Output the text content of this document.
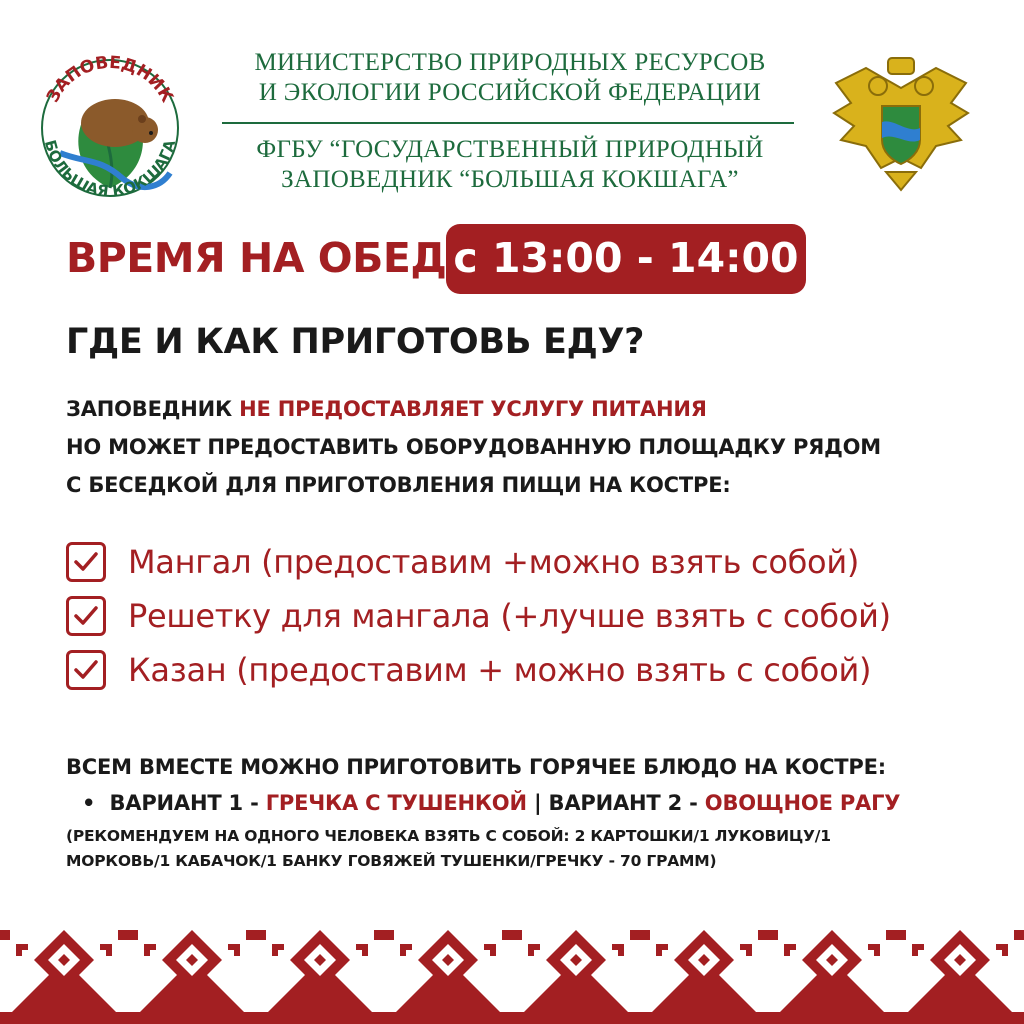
ЗАПОВЕДНИК
БОЛЬШАЯ КОКШАГА
МИНИСТЕРСТВО ПРИРОДНЫХ РЕСУРСОВ
И ЭКОЛОГИИ РОССИЙСКОЙ ФЕДЕРАЦИИ
ФГБУ “ГОСУДАРСТВЕННЫЙ ПРИРОДНЫЙ
ЗАПОВЕДНИК “БОЛЬШАЯ КОКШАГА”
ВРЕМЯ НА ОБЕД с 13:00 - 14:00
ГДЕ И КАК ПРИГОТОВЬ ЕДУ?
ЗАПОВЕДНИК НЕ ПРЕДОСТАВЛЯЕТ УСЛУГУ ПИТАНИЯ
НО МОЖЕТ ПРЕДОСТАВИТЬ ОБОРУДОВАННУЮ ПЛОЩАДКУ РЯДОМ
С БЕСЕДКОЙ ДЛЯ ПРИГОТОВЛЕНИЯ ПИЩИ НА КОСТРЕ:
Мангал (предоставим +можно взять собой)
Решетку для мангала (+лучше взять с собой)
Казан (предоставим + можно взять с собой)
ВСЕМ ВМЕСТЕ МОЖНО ПРИГОТОВИТЬ ГОРЯЧЕЕ БЛЮДО НА КОСТРЕ:
• ВАРИАНТ 1 - ГРЕЧКА С ТУШЕНКОЙ | ВАРИАНТ 2 - ОВОЩНОЕ РАГУ
(РЕКОМЕНДУЕМ НА ОДНОГО ЧЕЛОВЕКА ВЗЯТЬ С СОБОЙ: 2 КАРТОШКИ/1 ЛУКОВИЦУ/1
МОРКОВЬ/1 КАБАЧОК/1 БАНКУ ГОВЯЖЕЙ ТУШЕНКИ/ГРЕЧКУ - 70 ГРАММ)
